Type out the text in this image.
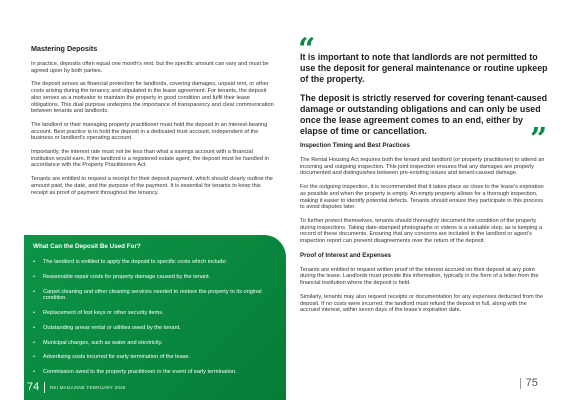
Mastering Deposits

In practice, deposits often equal one month’s rent, but the specific amount can vary and must be agreed upon by both parties.

The deposit serves as financial protection for landlords, covering damages, unpaid rent, or other costs arising during the tenancy and stipulated in the lease agreement. For tenants, the deposit also serves as a motivator to maintain the property in good condition and fulfil their lease obligations. This dual purpose underpins the importance of transparency and clear communication between tenants and landlords.

The landlord or their managing property practitioner must hold the deposit in an interest-bearing account. Best practice is to hold the deposit in a dedicated trust account, independent of the business or landlord’s operating account.

Importantly, the interest rate must not be less than what a savings account with a financial institution would earn. If the landlord is a registered estate agent, the deposit must be handled in accordance with the Property Practitioners Act.

Tenants are entitled to request a receipt for their deposit payment, which should clearly outline the amount paid, the date, and the purpose of the payment. It is essential for tenants to keep this receipt as proof of payment throughout the tenancy.

What Can the Deposit Be Used For?
• The landlord is entitled to apply the deposit to specific costs which include:
• Reasonable repair costs for property damage caused by the tenant.
• Carpet cleaning and other cleaning services needed to restore the property to its original condition.
• Replacement of lost keys or other security items.
• Outstanding arrear rental or utilities owed by the tenant.
• Municipal charges, such as water and electricity.
• Advertising costs incurred for early termination of the lease.
• Commission owed to the property practitioner in the event of early termination.
74 REI MAGAZINE FEBRUARY 2025
“

It is important to note that landlords are not permitted to use the deposit for general maintenance or routine upkeep of the property.

The deposit is strictly reserved for covering tenant-caused damage or outstanding obligations and can only be used once the lease agreement comes to an end, either by elapse of time or cancellation.	”
Inspection Timing and Best Practices

The Rental Housing Act requires both the tenant and landlord (or property practitioner) to attend an incoming and outgoing inspection. This joint inspection ensures that any damages are properly documented and distinguishes between pre-existing issues and tenant-caused damage.

For the outgoing inspection, it is recommended that it takes place as close to the lease’s expiration as possible and when the property is empty. An empty property allows for a thorough inspection, making it easier to identify potential defects. Tenants should ensure they participate in this process to avoid disputes later.

To further protect themselves, tenants should thoroughly document the condition of the property during inspections. Taking date-stamped photographs or videos is a valuable step, as is keeping a record of these documents. Ensuring that any concerns are included in the landlord or agent’s inspection report can prevent disagreements over the return of the deposit.

Proof of Interest and Expenses

Tenants are entitled to request written proof of the interest accrued on their deposit at any point during the lease. Landlords must provide this information, typically in the form of a letter from the financial institution where the deposit is held.

Similarly, tenants may also request receipts or documentation for any expenses deducted from the deposit. If no costs were incurred, the landlord must refund the deposit in full, along with the accrued interest, within seven days of the lease’s expiration date.

75
